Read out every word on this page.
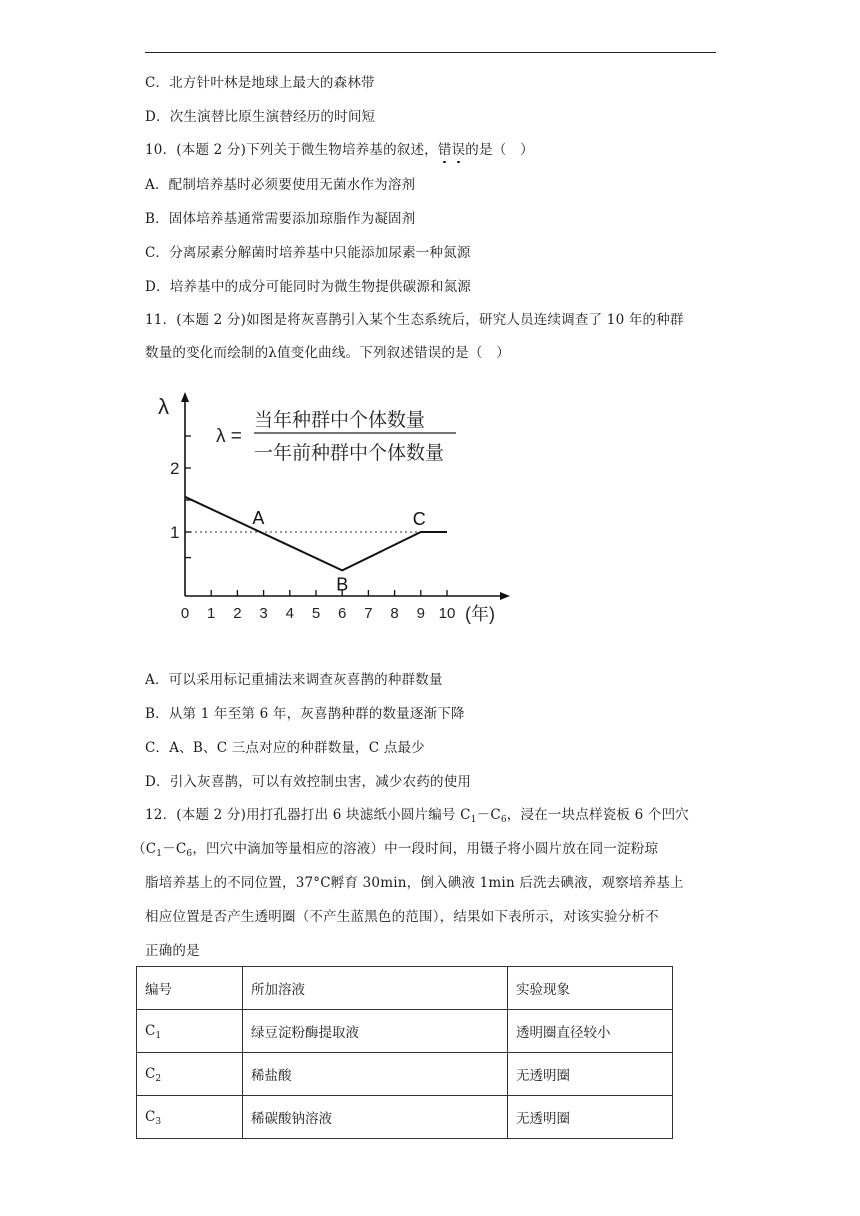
C．北方针叶林是地球上最大的森林带
D．次生演替比原生演替经历的时间短
10．(本题 2 分)下列关于微生物培养基的叙述，错误的是（　）
A．配制培养基时必须要使用无菌水作为溶剂
B．固体培养基通常需要添加琼脂作为凝固剂
C．分离尿素分解菌时培养基中只能添加尿素一种氮源
D．培养基中的成分可能同时为微生物提供碳源和氮源
11．(本题 2 分)如图是将灰喜鹊引入某个生态系统后，研究人员连续调查了 10 年的种群
数量的变化而绘制的λ值变化曲线。下列叙述错误的是（　）
λ
λ =
当年种群中个体数量
一年前种群中个体数量
(年)
0 1 2 3 4 5 6 7 8 9 10
1
2
A
B
C
A．可以采用标记重捕法来调查灰喜鹊的种群数量
B．从第 1 年至第 6 年，灰喜鹊种群的数量逐渐下降
C．A、B、C 三点对应的种群数量，C 点最少
D．引入灰喜鹊，可以有效控制虫害，减少农药的使用
12．(本题 2 分)用打孔器打出 6 块滤纸小圆片编号 $C_1-C_6$，浸在一块点样瓷板 6 个凹穴
（$C_1-C_6$，凹穴中滴加等量相应的溶液）中一段时间，用镊子将小圆片放在同一淀粉琼
脂培养基上的不同位置，37°C孵育 30min，倒入碘液 1min 后洗去碘液，观察培养基上
相应位置是否产生透明圈（不产生蓝黑色的范围），结果如下表所示，对该实验分析不
正确的是
编号	所加溶液	实验现象
$C_1$	绿豆淀粉酶提取液	透明圈直径较小
$C_2$	稀盐酸	无透明圈
$C_3$	稀碳酸钠溶液	无透明圈
